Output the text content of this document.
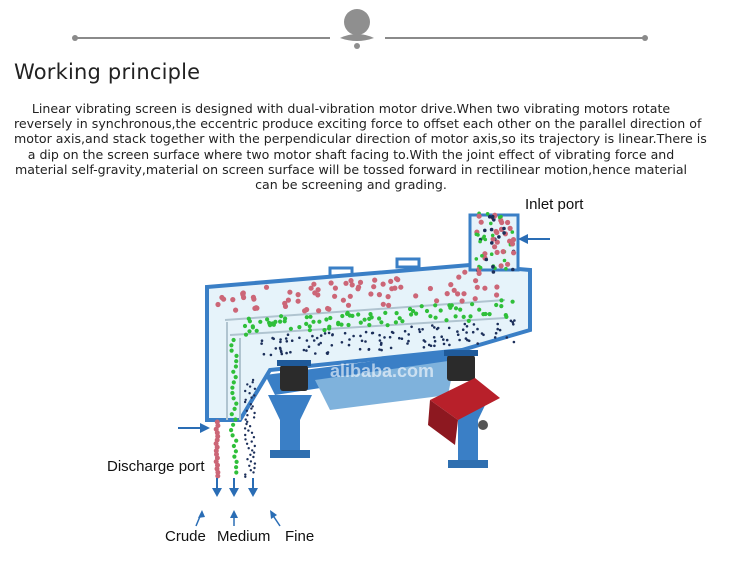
Working principle
Linear vibrating screen is designed with dual-vibration motor drive.When two vibrating motors rotate
reversely in synchronous,the eccentric produce exciting force to offset each other on the parallel direction of
motor axis,and stack together with the perpendicular direction of motor axis,so its trajectory is linear.There is
a dip on the screen surface where two motor shaft facing to.With the joint effect of vibrating force and
material self-gravity,material on screen surface will be tossed forward in rectilinear motion,hence material
can be screening and grading.
alibaba.com
Inlet port
Discharge port
Crude Medium Fine
